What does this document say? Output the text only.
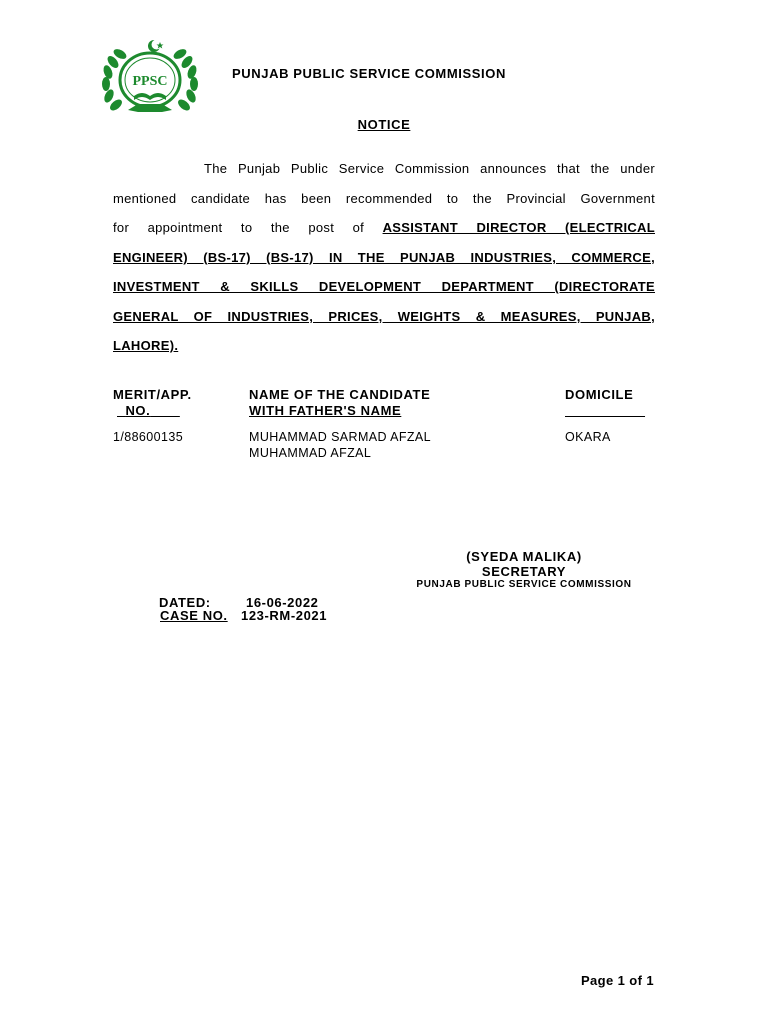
PPSC
PUNJAB PUBLIC SERVICE COMMISSION
NOTICE
The Punjab Public Service Commission announces that the under
mentioned candidate has been recommended to the Provincial Government
for appointment to the post of ASSISTANT DIRECTOR (ELECTRICAL
ENGINEER) (BS-17) (BS-17) IN THE PUNJAB INDUSTRIES, COMMERCE,
INVESTMENT & SKILLS DEVELOPMENT DEPARTMENT (DIRECTORATE
GENERAL OF INDUSTRIES, PRICES, WEIGHTS & MEASURES, PUNJAB,
LAHORE).
MERIT/APP.
NO.
NAME OF THE CANDIDATE
WITH FATHER'S NAME
DOMICILE

1/88600135	MUHAMMAD SARMAD AFZAL
MUHAMMAD AFZAL
OKARA
(SYEDA MALIKA)
SECRETARY
PUNJAB PUBLIC SERVICE COMMISSION
DATED:	16-06-2022
CASE NO. 123-RM-2021
Page 1 of 1
